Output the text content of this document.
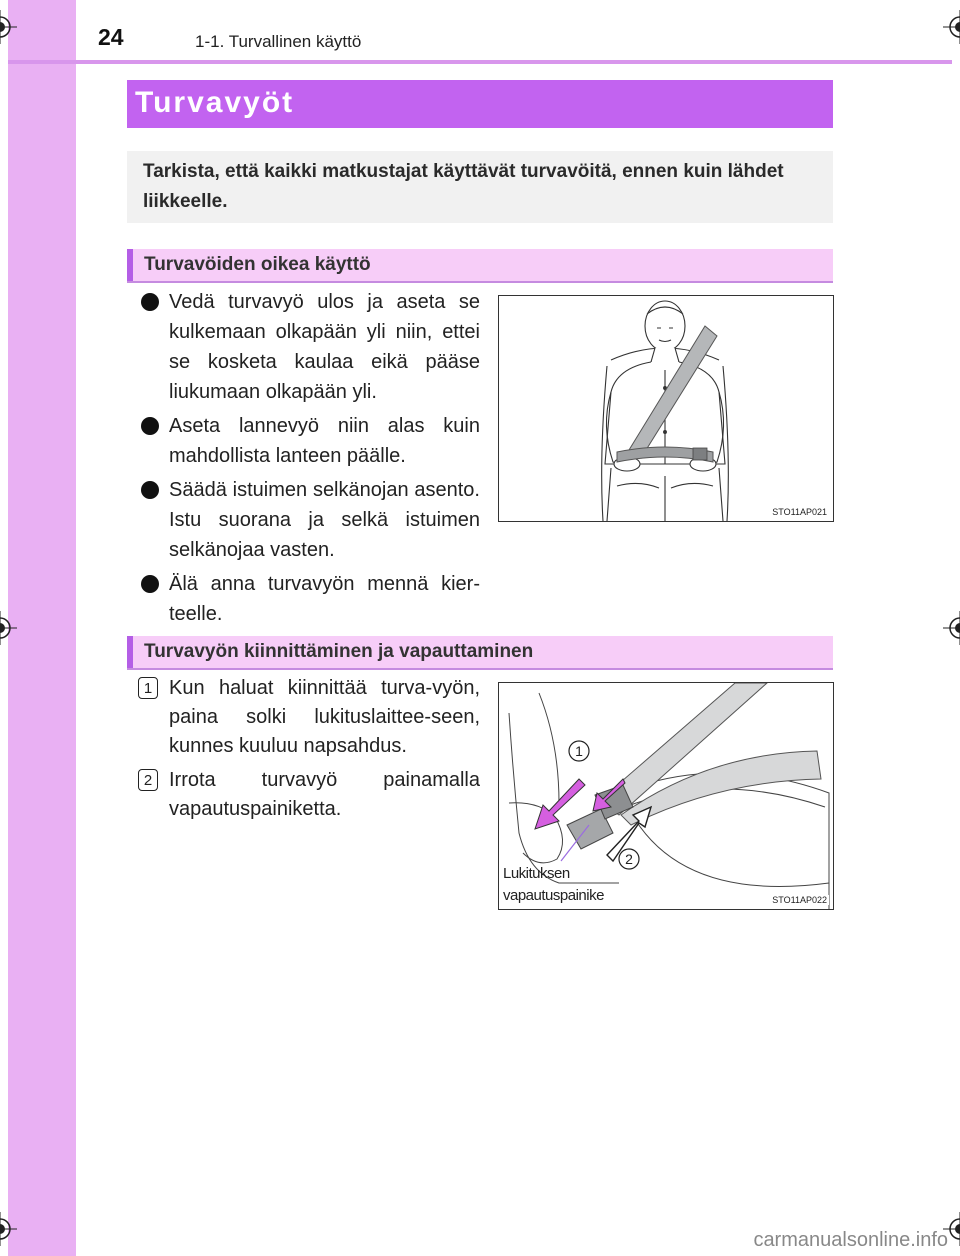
24	1-1. Turvallinen käyttö
Turvavyöt

Tarkista, että kaikki matkustajat käyttävät turvavöitä, ennen kuin lähdet liikkeelle.

Turvavöiden oikea käyttö
Vedä turvavyö ulos ja aseta se kulkemaan olkapään yli niin, ettei se kosketa kaulaa eikä pääse liukumaan olkapään yli.
Aseta lannevyö niin alas kuin mahdollista lanteen päälle.
Säädä istuimen selkänojan asento. Istu suorana ja selkä istuimen selkänojaa vasten.
Älä anna turvavyön mennä kier-teelle.
STO11AP021
Turvavyön kiinnittäminen ja vapauttaminen
1 Kun haluat kiinnittää turva-vyön, paina solki lukituslaittee-seen, kunnes kuuluu napsahdus.
2 Irrota turvavyö painamalla vapautuspainiketta.
1
2
Lukituksen
vapautuspainike	STO11AP022
carmanualsonline.info
